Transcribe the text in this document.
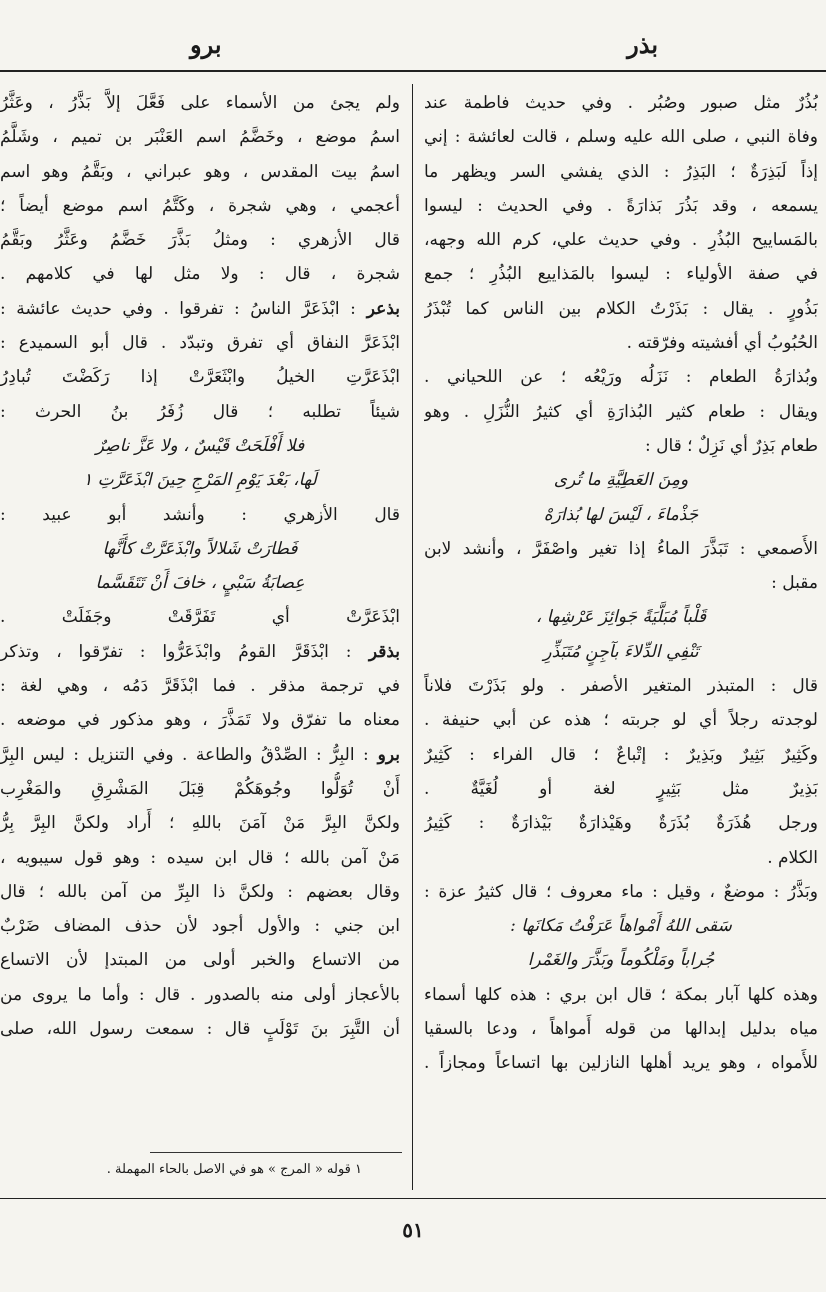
بذر
برو
بُذُرٌ مثل صبور وصُبُر . وفي حديث فاطمة عند
وفاة النبي ، صلى الله عليه وسلم ، قالت لعائشة : إني
إذاً لَبَذِرَةٌ ؛ البَذِرُ : الذي يفشي السر ويظهر ما
يسمعه ، وقد بَذُرَ بَذارَةً . وفي الحديث : ليسوا
بالمَساييح البُذُرِ . وفي حديث علي، كرم الله وجهه،
في صفة الأولياء : ليسوا بالمَذاييع البُذُرِ ؛ جمع
بَذُورٍ . يقال : بَذَرْتُ الكلام بين الناس كما تُبْذَرُ
الحُبُوبُ أي أفشيته وفرّقته .
وبُذارَةُ الطعام : نَزَلُه ورَيْعُه ؛ عن اللحياني .
ويقال : طعام كثير البُذارَةِ أي كثيرُ النُّزَلِ . وهو
طعام بَذِرٌ أي نَزِلٌ ؛ قال :
ومِنَ العَطِيَّةِ ما تُرى
جَذْماءَ ، لَيْسَ لها بُذارَهْ
الأَصمعي : تَبَذَّرَ الماءُ إذا تغير واصْفَرَّ ، وأنشد لابن
مقبل :
قَلْباً مُبَلَّيَةً جَوائِزَ عَرْشِها ،
تَنْفِي الدِّلاءَ بآجِنٍ مُتَبَذِّرِ
قال : المتبذر المتغير الأصفر . ولو بَذَرْتَ فلاناً
لوجدته رجلاً أي لو جربته ؛ هذه عن أبي حنيفة .
وكَثِيرٌ بَثِيرٌ وبَذِيرٌ : إتْباعٌ ؛ قال الفراء : كَثِيرٌ
بَذِيرٌ مثل بَثِيرٍ لغة أو لُغَيَّةٌ .
ورجل هُذَرَةٌ بُذَرَةٌ وهَيْذارَةٌ بَيْذارَةٌ : كَثِيرُ
الكلام .
وبَذَّرُ : موضعٌ ، وقيل : ماء معروف ؛ قال كثيرُ عزة :
سَقى اللهُ أَمْواهاً عَرَفْتُ مَكانَها :
جُراباً ومَلْكُوماً وبَذَّرَ والغَمْرا
وهذه كلها آبار بمكة ؛ قال ابن بري : هذه كلها أسماء
مياه بدليل إبدالها من قوله أَمواهاً ، ودعا بالسقيا
للأَمواه ، وهو يريد أهلها النازلين بها اتساعاً ومجازاً .
ولم يجئ من الأسماء على فَعَّلَ إلاَّ بَذَّرُ ، وعَثَّرُ
اسمُ موضع ، وخَضَّمُ اسم العَنْبَر بن تميم ، وشَلَّمُ
اسمُ بيت المقدس ، وهو عبراني ، وبَقَّمُ وهو اسم
أعجمي ، وهي شجرة ، وكَتَّمُ اسم موضع أيضاً ؛
قال الأزهري : ومثلُ بَذَّرَ خَضَّمُ وعَثَّرُ وبَقَّمُ
شجرة ، قال : ولا مثل لها في كلامهم .
بذعر : ابْذَعَرَّ الناسُ : تفرقوا . وفي حديث عائشة :
ابْذَعَرَّ النفاق أي تفرق وتبدّد . قال أبو السميدع :
ابْذَعَرَّتِ الخيلُ وابْثَعَرَّتْ إذا رَكَضْتَ تُبادِرُ
شيئاً تطلبه ؛ قال زُفَرُ بنُ الحرث :
فلا أَفْلَحَتْ قَيْسٌ ، ولا عَزَّ ناصِرٌ
لَها، بَعْدَ يَوْمِ المَرْجِ حِينَ ابْذَعَرَّتِ ١
قال الأزهري : وأنشد أبو عبيد :
فَطارَتْ شَلالاً وابْذَعَرَّتْ كأَنَّها
عِصابَةُ سَبْيٍ ، خافَ أَنْ تَتَقَسَّما
ابْذَعَرَّتْ أي تَفَرَّقَتْ وجَفَلَتْ .
بذقر : ابْذَقَرَّ القومُ وابْذَعَرُّوا : تفرّقوا ، وتذكر
في ترجمة مذقر . فما ابْذَقَرَّ دَمُه ، وهي لغة :
معناه ما تفرّق ولا تَمَذَّرَ ، وهو مذكور في موضعه .
برو : البِرُّ : الصِّدْقُ والطاعة . وفي التنزيل : ليس البِرَّ
أَنْ تُوَلُّوا وجُوهَكُمْ قِبَلَ المَشْرِقِ والمَغْرِب
ولكنَّ البِرَّ مَنْ آمَنَ باللهِ ؛ أَراد ولكنَّ البِرَّ بِرُّ
مَنْ آمن بالله ؛ قال ابن سيده : وهو قول سيبويه ،
وقال بعضهم : ولكنَّ ذا البِرِّ من آمن بالله ؛ قال
ابن جني : والأول أجود لأن حذف المضاف ضَرْبٌ
من الاتساع والخبر أولى من المبتدإ لأن الاتساع
بالأعجاز أولى منه بالصدور . قال : وأما ما يروى من
أن التَّبِرَ بنَ تَوْلَبٍ قال : سمعت رسول الله، صلى
١ قوله « المرج » هو في الاصل بالحاء المهملة .
٥١
